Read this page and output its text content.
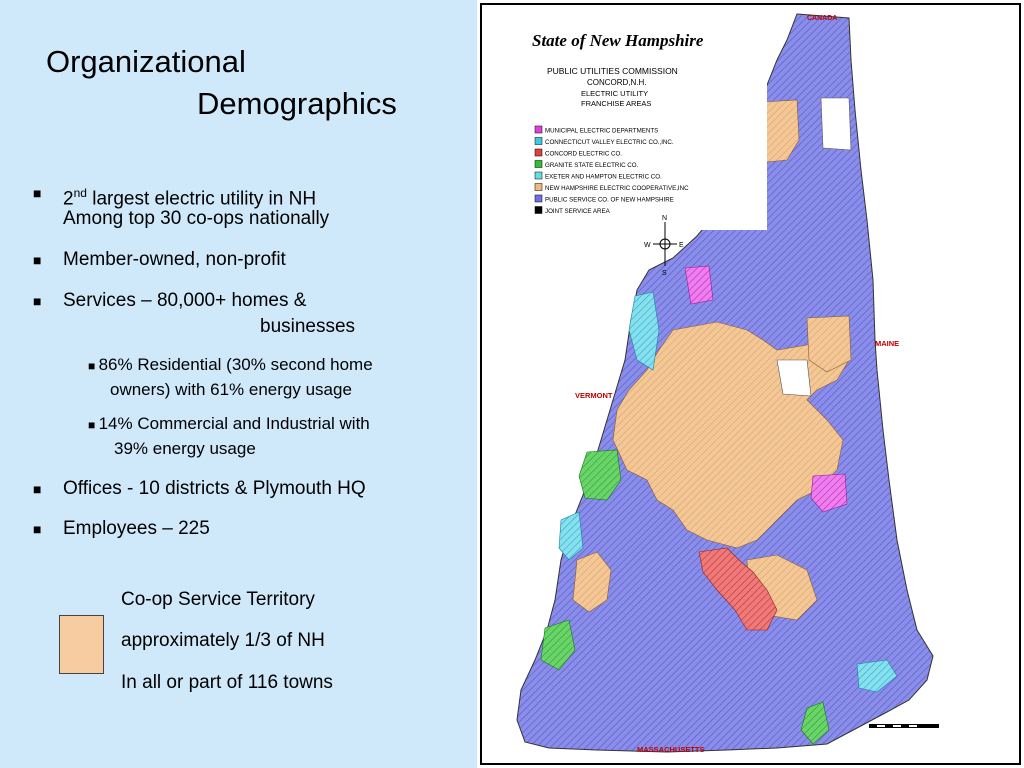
Organizational
Demographics
■ 2nd largest electric utility in NH
Among top 30 co-ops nationally
■ Member-owned, non-profit
■ Services – 80,000+ homes &
businesses
■ 86% Residential (30% second home
owners) with 61% energy usage
■ 14% Commercial and Industrial with
39% energy usage
■ Offices - 10 districts & Plymouth HQ
■ Employees – 225
Co-op Service Territory
approximately 1/3 of NH
In all or part of 116 towns
State of New Hampshire
PUBLIC UTILITIES COMMISSION
CONCORD,N.H.
ELECTRIC UTILITY
FRANCHISE AREAS
MUNICIPAL ELECTRIC DEPARTMENTS
CONNECTICUT VALLEY ELECTRIC CO.,INC.
CONCORD ELECTRIC CO.
GRANITE STATE ELECTRIC CO.
EXETER AND HAMPTON ELECTRIC CO.
NEW HAMPSHIRE ELECTRIC COOPERATIVE,INC
PUBLIC SERVICE CO. OF NEW HAMPSHIRE
JOINT SERVICE AREA
N
S
E
W
CANADA
MAINE
VERMONT
MASSACHUSETTS
